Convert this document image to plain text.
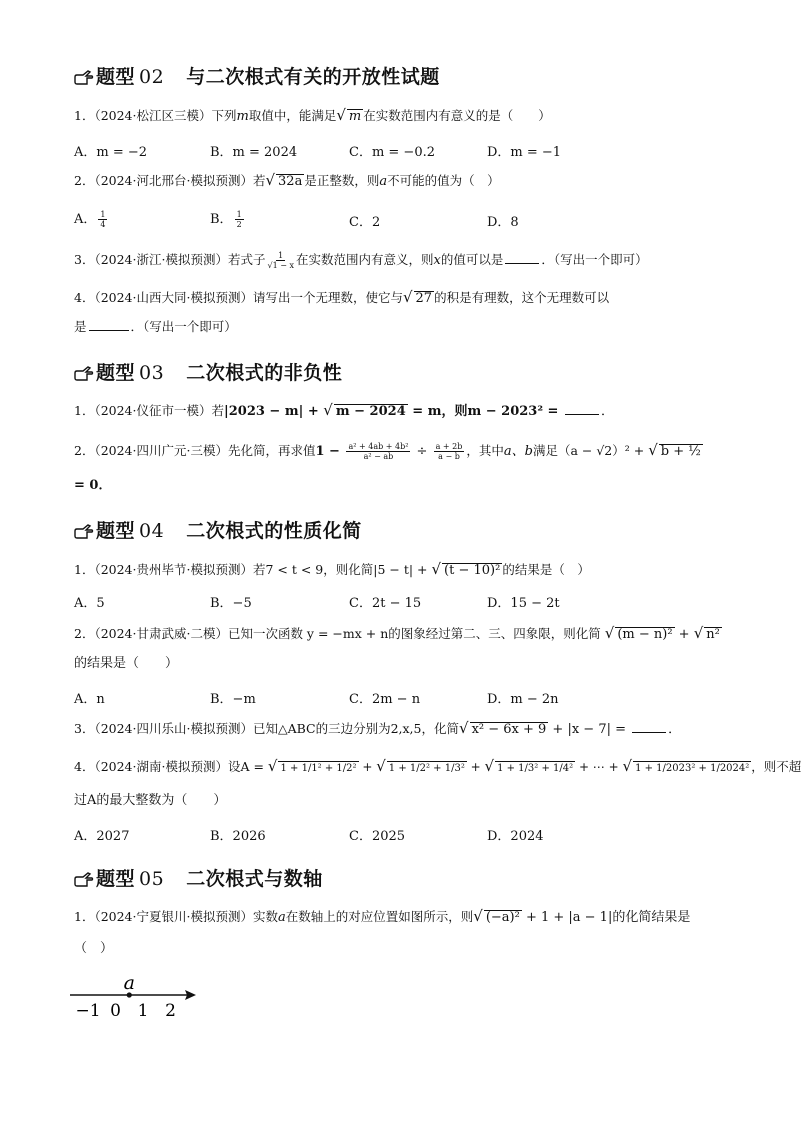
题型 02 与二次根式有关的开放性试题
1．（2024·松江区三模）下列m取值中，能满足√ m 在实数范围内有意义的是（　　）
A．m = −2	B．m = 2024	C．m = −0.2	D．m = −1
2．（2024·河北邢台·模拟预测）若√ 32a 是正整数，则a不可能的值为（　）
A． $\frac{1}{4}$	B． $\frac{1}{2}$	C．2	D．8
3．（2024·浙江·模拟预测）若式子 $\frac{1}{√1 - x}$ 在实数范围内有意义，则x的值可以是	．（写出一个即可）
4．（2024·山西大同·模拟预测）请写出一个无理数，使它与√ 27 的积是有理数，这个无理数可以
是	．（写出一个即可）
题型 03 二次根式的非负性
1．（2024·仪征市一模）若|2023 − m| + √ m − 2024 = m，则m − 2023² =	．
2．（2024·四川广元·三模）先化简，再求值$1 - \frac{\text{a² + 4ab + 4b²}}{\text{a² − ab}} \div \frac{a + 2b}{a - b}$ ，其中a、b满足（a − √2）² + √ b + ½
= 0．
题型 04 二次根式的性质化简
1．（2024·贵州毕节·模拟预测）若7 < t < 9，则化简|5 − t| + √ (t − 10)² 的结果是（　）
A．5	B．−5	C．2t − 15	D．15 − 2t
2．（2024·甘肃武威·二模）已知一次函数 y = −mx + n的图象经过第二、三、四象限，则化简 √ (m − n)² + √ n²
的结果是（　　）
A．n	B．−m	C．2m − n	D．m − 2n
3．（2024·四川乐山·模拟预测）已知△ABC的三边分别为2,x,5，化简√ x² − 6x + 9 + |x − 7| =	．
4．（2024·湖南·模拟预测）设A = √ 1 + 1/1² + 1/2² + √ 1 + 1/2² + 1/3² + √ 1 + 1/3² + 1/4² + ⋯ + √ 1 + 1/2023² + 1/2024² ，则不超
过A的最大整数为（　　）
A．2027	B．2026	C．2025	D．2024
题型 05 二次根式与数轴
1．（2024·宁夏银川·模拟预测）实数a在数轴上的对应位置如图所示，则√ (−a)² + 1 + |a − 1|的化简结果是
（　）
−1 0 1 2
a
